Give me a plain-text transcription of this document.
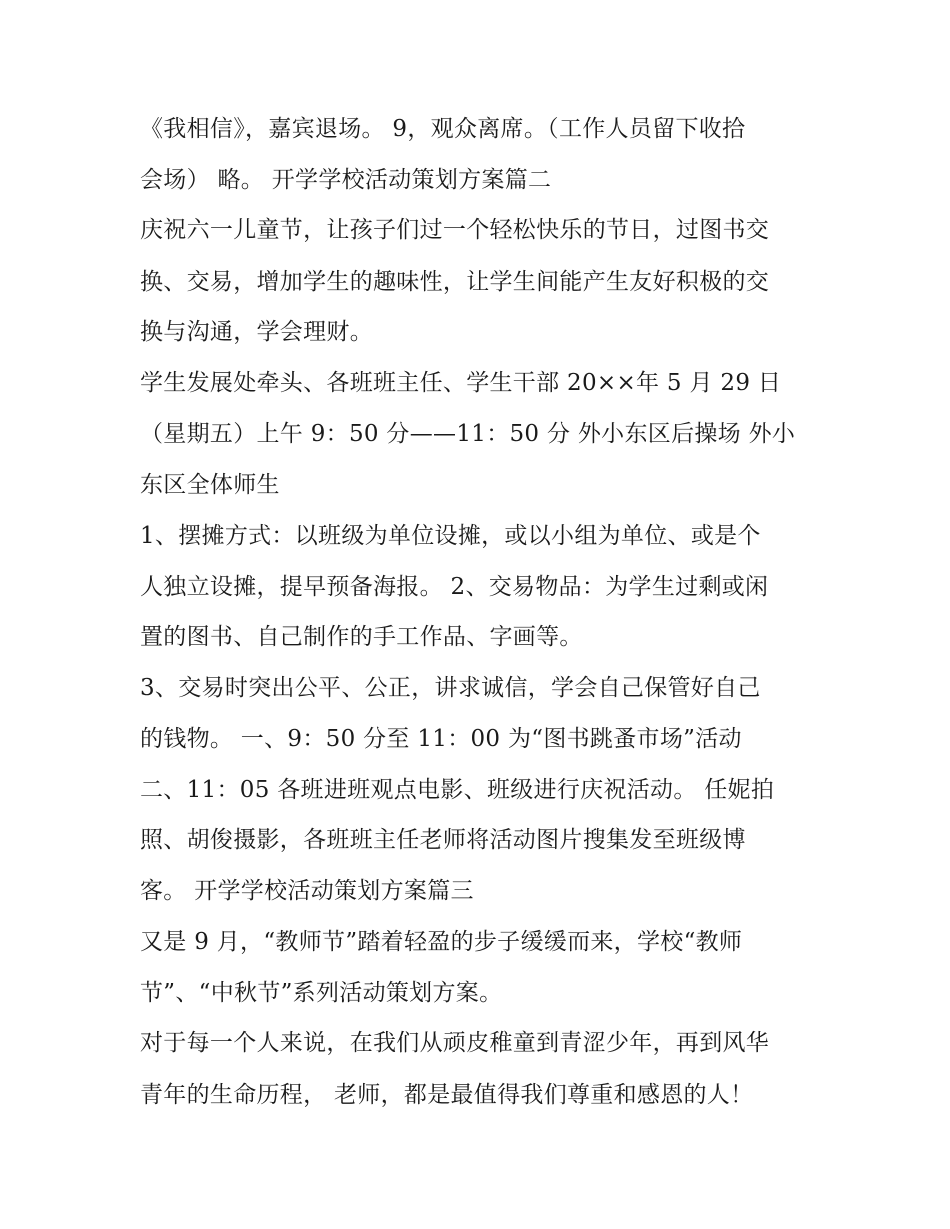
《我相信》，嘉宾退场。 9，观众离席。（工作人员留下收拾
会场） 略。 开学学校活动策划方案篇二
庆祝六一儿童节，让孩子们过一个轻松快乐的节日，过图书交
换、交易，增加学生的趣味性，让学生间能产生友好积极的交
换与沟通，学会理财。
学生发展处牵头、各班班主任、学生干部 20××年 5 月 29 日
（星期五）上午 9：50 分——11：50 分 外小东区后操场 外小
东区全体师生
1、摆摊方式：以班级为单位设摊，或以小组为单位、或是个
人独立设摊，提早预备海报。 2、交易物品：为学生过剩或闲
置的图书、自己制作的手工作品、字画等。
3、交易时突出公平、公正，讲求诚信，学会自己保管好自己
的钱物。 一、9：50 分至 11：00 为“图书跳蚤市场”活动
二、11：05 各班进班观点电影、班级进行庆祝活动。 任妮拍
照、胡俊摄影，各班班主任老师将活动图片搜集发至班级博
客。 开学学校活动策划方案篇三
又是 9 月，“教师节”踏着轻盈的步子缓缓而来，学校“教师
节”、“中秋节”系列活动策划方案。
对于每一个人来说，在我们从顽皮稚童到青涩少年，再到风华
青年的生命历程， 老师，都是最值得我们尊重和感恩的人！
